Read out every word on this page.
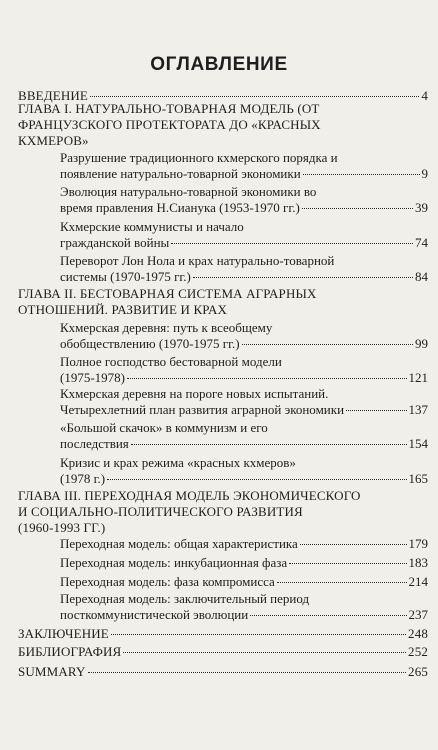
ОГЛАВЛЕНИЕ
ВВЕДЕНИЕ	4
ГЛАВА I. НАТУРАЛЬНО-ТОВАРНАЯ МОДЕЛЬ (ОТ
ФРАНЦУЗСКОГО ПРОТЕКТОРАТА ДО «КРАСНЫХ
КХМЕРОВ»
Разрушение традиционного кхмерского порядка и
появление натурально-товарной экономики	9
Эволюция натурально-товарной экономики во
время правления Н.Сианука (1953-1970 гг.)	39
Кхмерские коммунисты и начало
гражданской войны	74
Переворот Лон Нола и крах натурально-товарной
системы (1970-1975 гг.)	84
ГЛАВА II. БЕСТОВАРНАЯ СИСТЕМА АГРАРНЫХ
ОТНОШЕНИЙ. РАЗВИТИЕ И КРАХ
Кхмерская деревня: путь к всеобщему
обобществлению (1970-1975 гг.)	99
Полное господство бестоварной модели
(1975-1978)	121
Кхмерская деревня на пороге новых испытаний.
Четырехлетний план развития аграрной экономики	137
«Большой скачок» в коммунизм и его
последствия	154
Кризис и крах режима «красных кхмеров»
(1978 г.)	165
ГЛАВА III. ПЕРЕХОДНАЯ МОДЕЛЬ ЭКОНОМИЧЕСКОГО
И СОЦИАЛЬНО-ПОЛИТИЧЕСКОГО РАЗВИТИЯ
(1960-1993 ГГ.)
Переходная модель: общая характеристика	179
Переходная модель: инкубационная фаза	183
Переходная модель: фаза компромисса	214
Переходная модель: заключительный период
посткоммунистической эволюции	237
ЗАКЛЮЧЕНИЕ	248
БИБЛИОГРАФИЯ	252
SUMMARY	265
